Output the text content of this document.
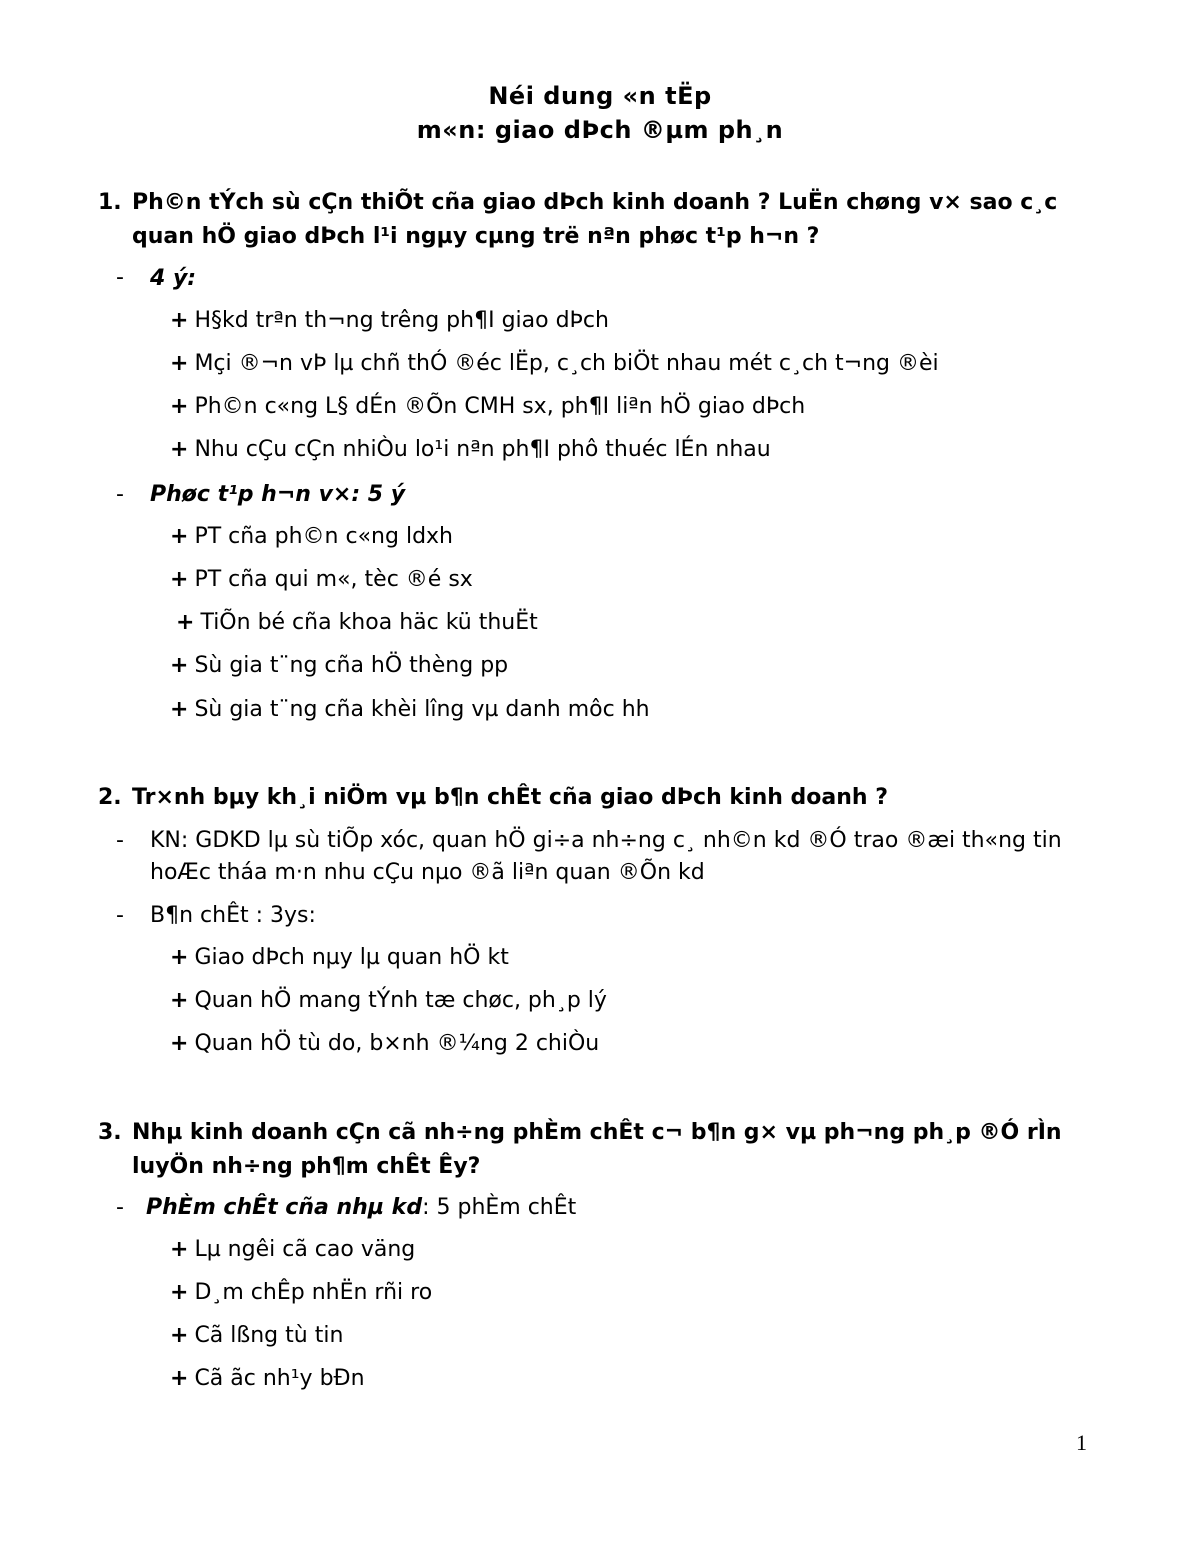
Néi dung «n tËp
m«n: giao dÞch ®µm ph¸n
1. Ph©n tÝch sù cÇn thiÕt cña giao dÞch kinh doanh ? LuËn chøng v× sao c¸c quan hÖ giao dÞch l¹i ngµy cµng trë nªn phøc t¹p h¬n ?
- 4 ý:
+ H§kd trªn th¬ng trêng ph¶I giao dÞch
+ Mçi ®¬n vÞ lµ chñ thÓ ®éc lËp, c¸ch biÖt nhau mét c¸ch t¬ng ®èi
+ Ph©n c«ng L§ dÉn ®Õn CMH sx, ph¶I liªn hÖ giao dÞch
+ Nhu cÇu cÇn nhiÒu lo¹i nªn ph¶I phô thuéc lÉn nhau
- Phøc t¹p h¬n v×: 5 ý
+ PT cña ph©n c«ng ldxh
+ PT cña qui m«, tèc ®é sx
+ TiÕn bé cña khoa häc kü thuËt
+ Sù gia t¨ng cña hÖ thèng pp
+ Sù gia t¨ng cña khèi lîng vµ danh môc hh
2. Tr×nh bµy kh¸i niÖm vµ b¶n chÊt cña giao dÞch kinh doanh ?
- KN: GDKD lµ sù tiÕp xóc, quan hÖ gi÷a nh÷ng c¸ nh©n kd ®Ó trao ®æi th«ng tin hoÆc tháa m·n nhu cÇu nµo ®ã liªn quan ®Õn kd
- B¶n chÊt : 3ys:
+ Giao dÞch nµy lµ quan hÖ kt
+ Quan hÖ mang tÝnh tæ chøc, ph¸p lý
+ Quan hÖ tù do, b×nh ®¼ng 2 chiÒu
3. Nhµ kinh doanh cÇn cã nh÷ng phÈm chÊt c¬ b¶n g× vµ ph¬ng ph¸p ®Ó rÌn luyÖn nh÷ng ph¶m chÊt Êy?
- PhÈm chÊt cña nhµ kd: 5 phÈm chÊt
+ Lµ ngêi cã cao väng
+ D¸m chÊp nhËn rñi ro
+ Cã lßng tù tin
+ Cã ãc nh¹y bÐn
1
